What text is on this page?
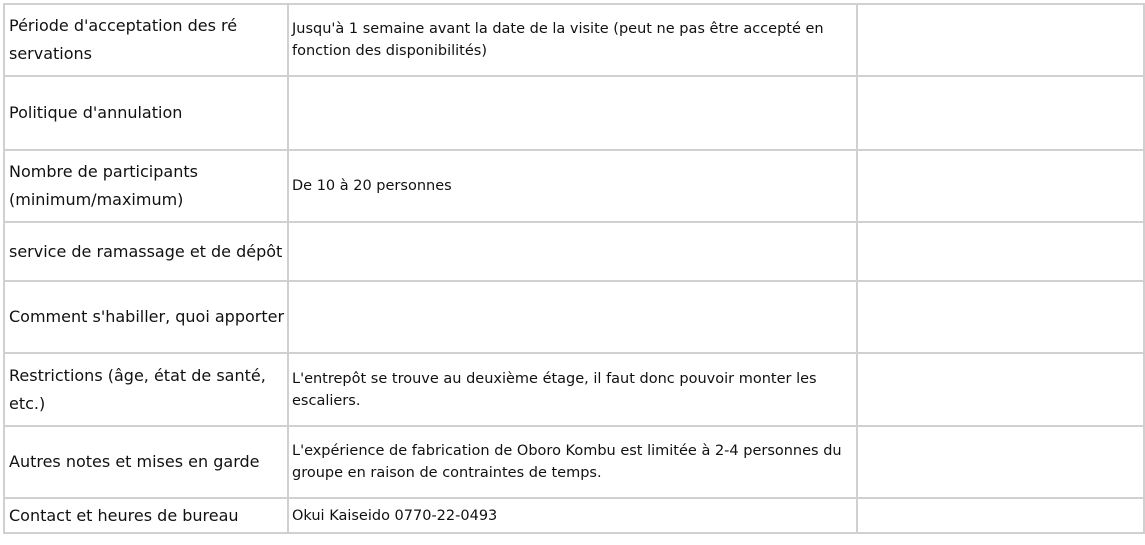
Période d'acceptation des ré servations	Jusqu'à 1 semaine avant la date de la visite (peut ne pas être accepté en fonction des disponibilités)	

Politique d'annulation		

Nombre de participants (minimum/maximum)	De 10 à 20 personnes	

service de ramassage et de dépôt		

Comment s'habiller, quoi apporter		

Restrictions (âge, état de santé, etc.)	L'entrepôt se trouve au deuxième étage, il faut donc pouvoir monter les escaliers.	

Autres notes et mises en garde	L'expérience de fabrication de Oboro Kombu est limitée à 2-4 personnes du groupe en raison de contraintes de temps.	

Contact et heures de bureau	Okui Kaiseido 0770-22-0493	
